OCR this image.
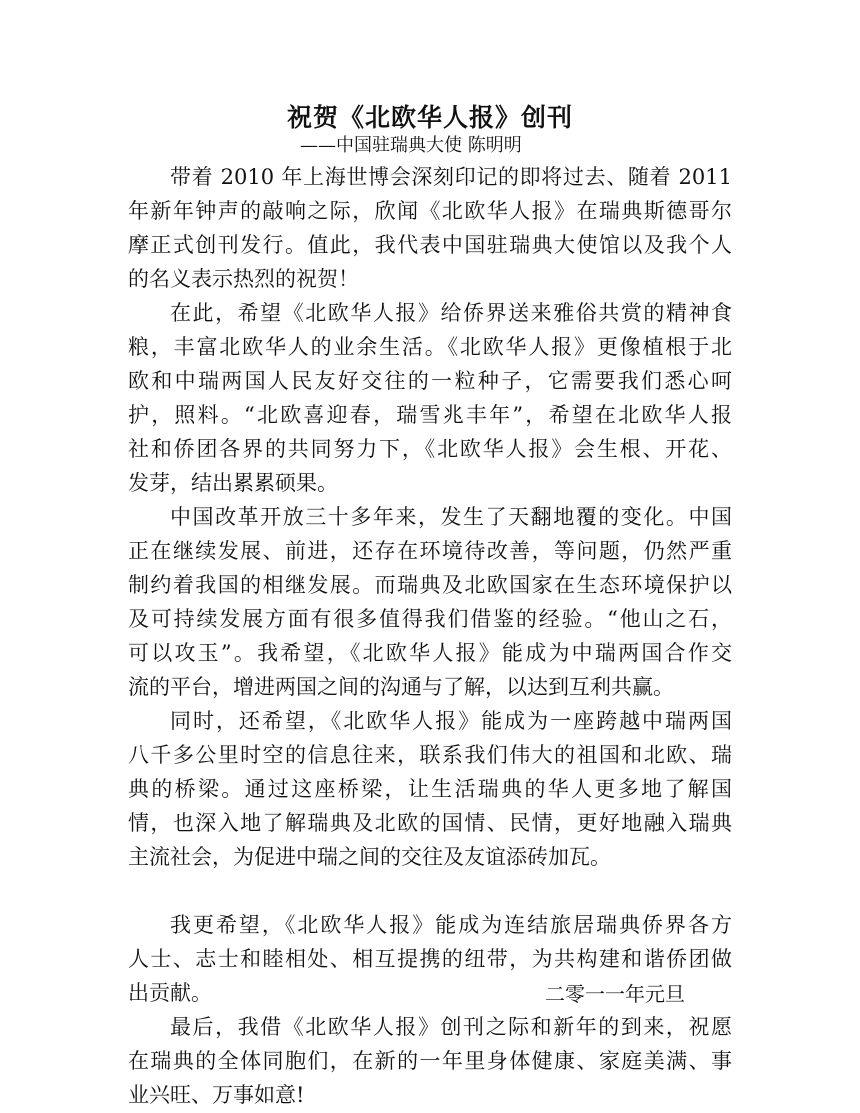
祝贺《北欧华人报》创刊
——中国驻瑞典大使 陈明明
带着 2010 年上海世博会深刻印记的即将过去、随着 2011
年新年钟声的敲响之际，欣闻《北欧华人报》在瑞典斯德哥尔
摩正式创刊发行。值此，我代表中国驻瑞典大使馆以及我个人
的名义表示热烈的祝贺！
在此，希望《北欧华人报》给侨界送来雅俗共赏的精神食
粮，丰富北欧华人的业余生活。《北欧华人报》更像植根于北
欧和中瑞两国人民友好交往的一粒种子，它需要我们悉心呵
护，照料。“北欧喜迎春，瑞雪兆丰年”，希望在北欧华人报
社和侨团各界的共同努力下，《北欧华人报》会生根、开花、
发芽，结出累累硕果。
中国改革开放三十多年来，发生了天翻地覆的变化。中国
正在继续发展、前进，还存在环境待改善，等问题，仍然严重
制约着我国的相继发展。而瑞典及北欧国家在生态环境保护以
及可持续发展方面有很多值得我们借鉴的经验。“他山之石，
可以攻玉”。我希望，《北欧华人报》能成为中瑞两国合作交
流的平台，增进两国之间的沟通与了解，以达到互利共赢。
同时，还希望，《北欧华人报》能成为一座跨越中瑞两国
八千多公里时空的信息往来，联系我们伟大的祖国和北欧、瑞
典的桥梁。通过这座桥梁，让生活瑞典的华人更多地了解国
情，也深入地了解瑞典及北欧的国情、民情，更好地融入瑞典
主流社会，为促进中瑞之间的交往及友谊添砖加瓦。
我更希望，《北欧华人报》能成为连结旅居瑞典侨界各方
人士、志士和睦相处、相互提携的纽带，为共构建和谐侨团做
出贡献。
最后，我借《北欧华人报》创刊之际和新年的到来，祝愿
在瑞典的全体同胞们，在新的一年里身体健康、家庭美满、事
业兴旺、万事如意!
二零一一年元旦
